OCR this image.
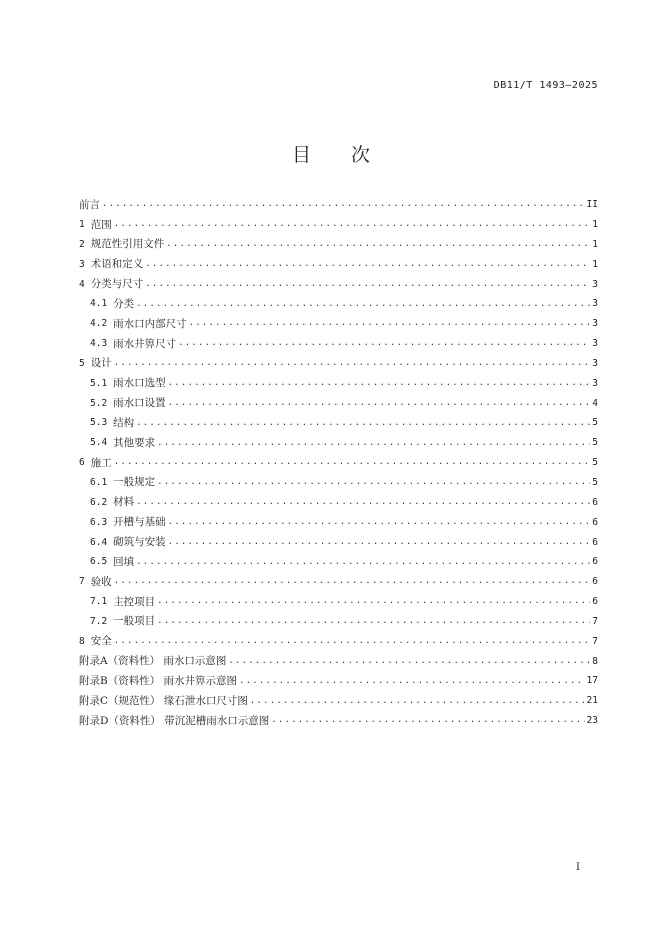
DB11/T 1493—2025
目 次
前言 .....	II
1 范围 .....	1
2 规范性引用文件 .....	1
3 术语和定义 .....	1
4 分类与尺寸 .....	3
4.1 分类 .....	3
4.2 雨水口内部尺寸 .....	3
4.3 雨水井箅尺寸 .....	3
5 设计 .....	3
5.1 雨水口选型 .....	3
5.2 雨水口设置 .....	4
5.3 结构 .....	5
5.4 其他要求 .....	5
6 施工 .....	5
6.1 一般规定 .....	5
6.2 材料 .....	6
6.3 开槽与基础 .....	6
6.4 砌筑与安装 .....	6
6.5 回填 .....	6
7 验收 .....	6
7.1 主控项目 .....	6
7.2 一般项目 .....	7
8 安全 .....	7
附录A（资料性） 雨水口示意图 .....	8
附录B（资料性） 雨水井箅示意图 .....	17
附录C（规范性） 缘石泄水口尺寸图 .....	21
附录D（资料性） 带沉泥槽雨水口示意图 .....	23
I
